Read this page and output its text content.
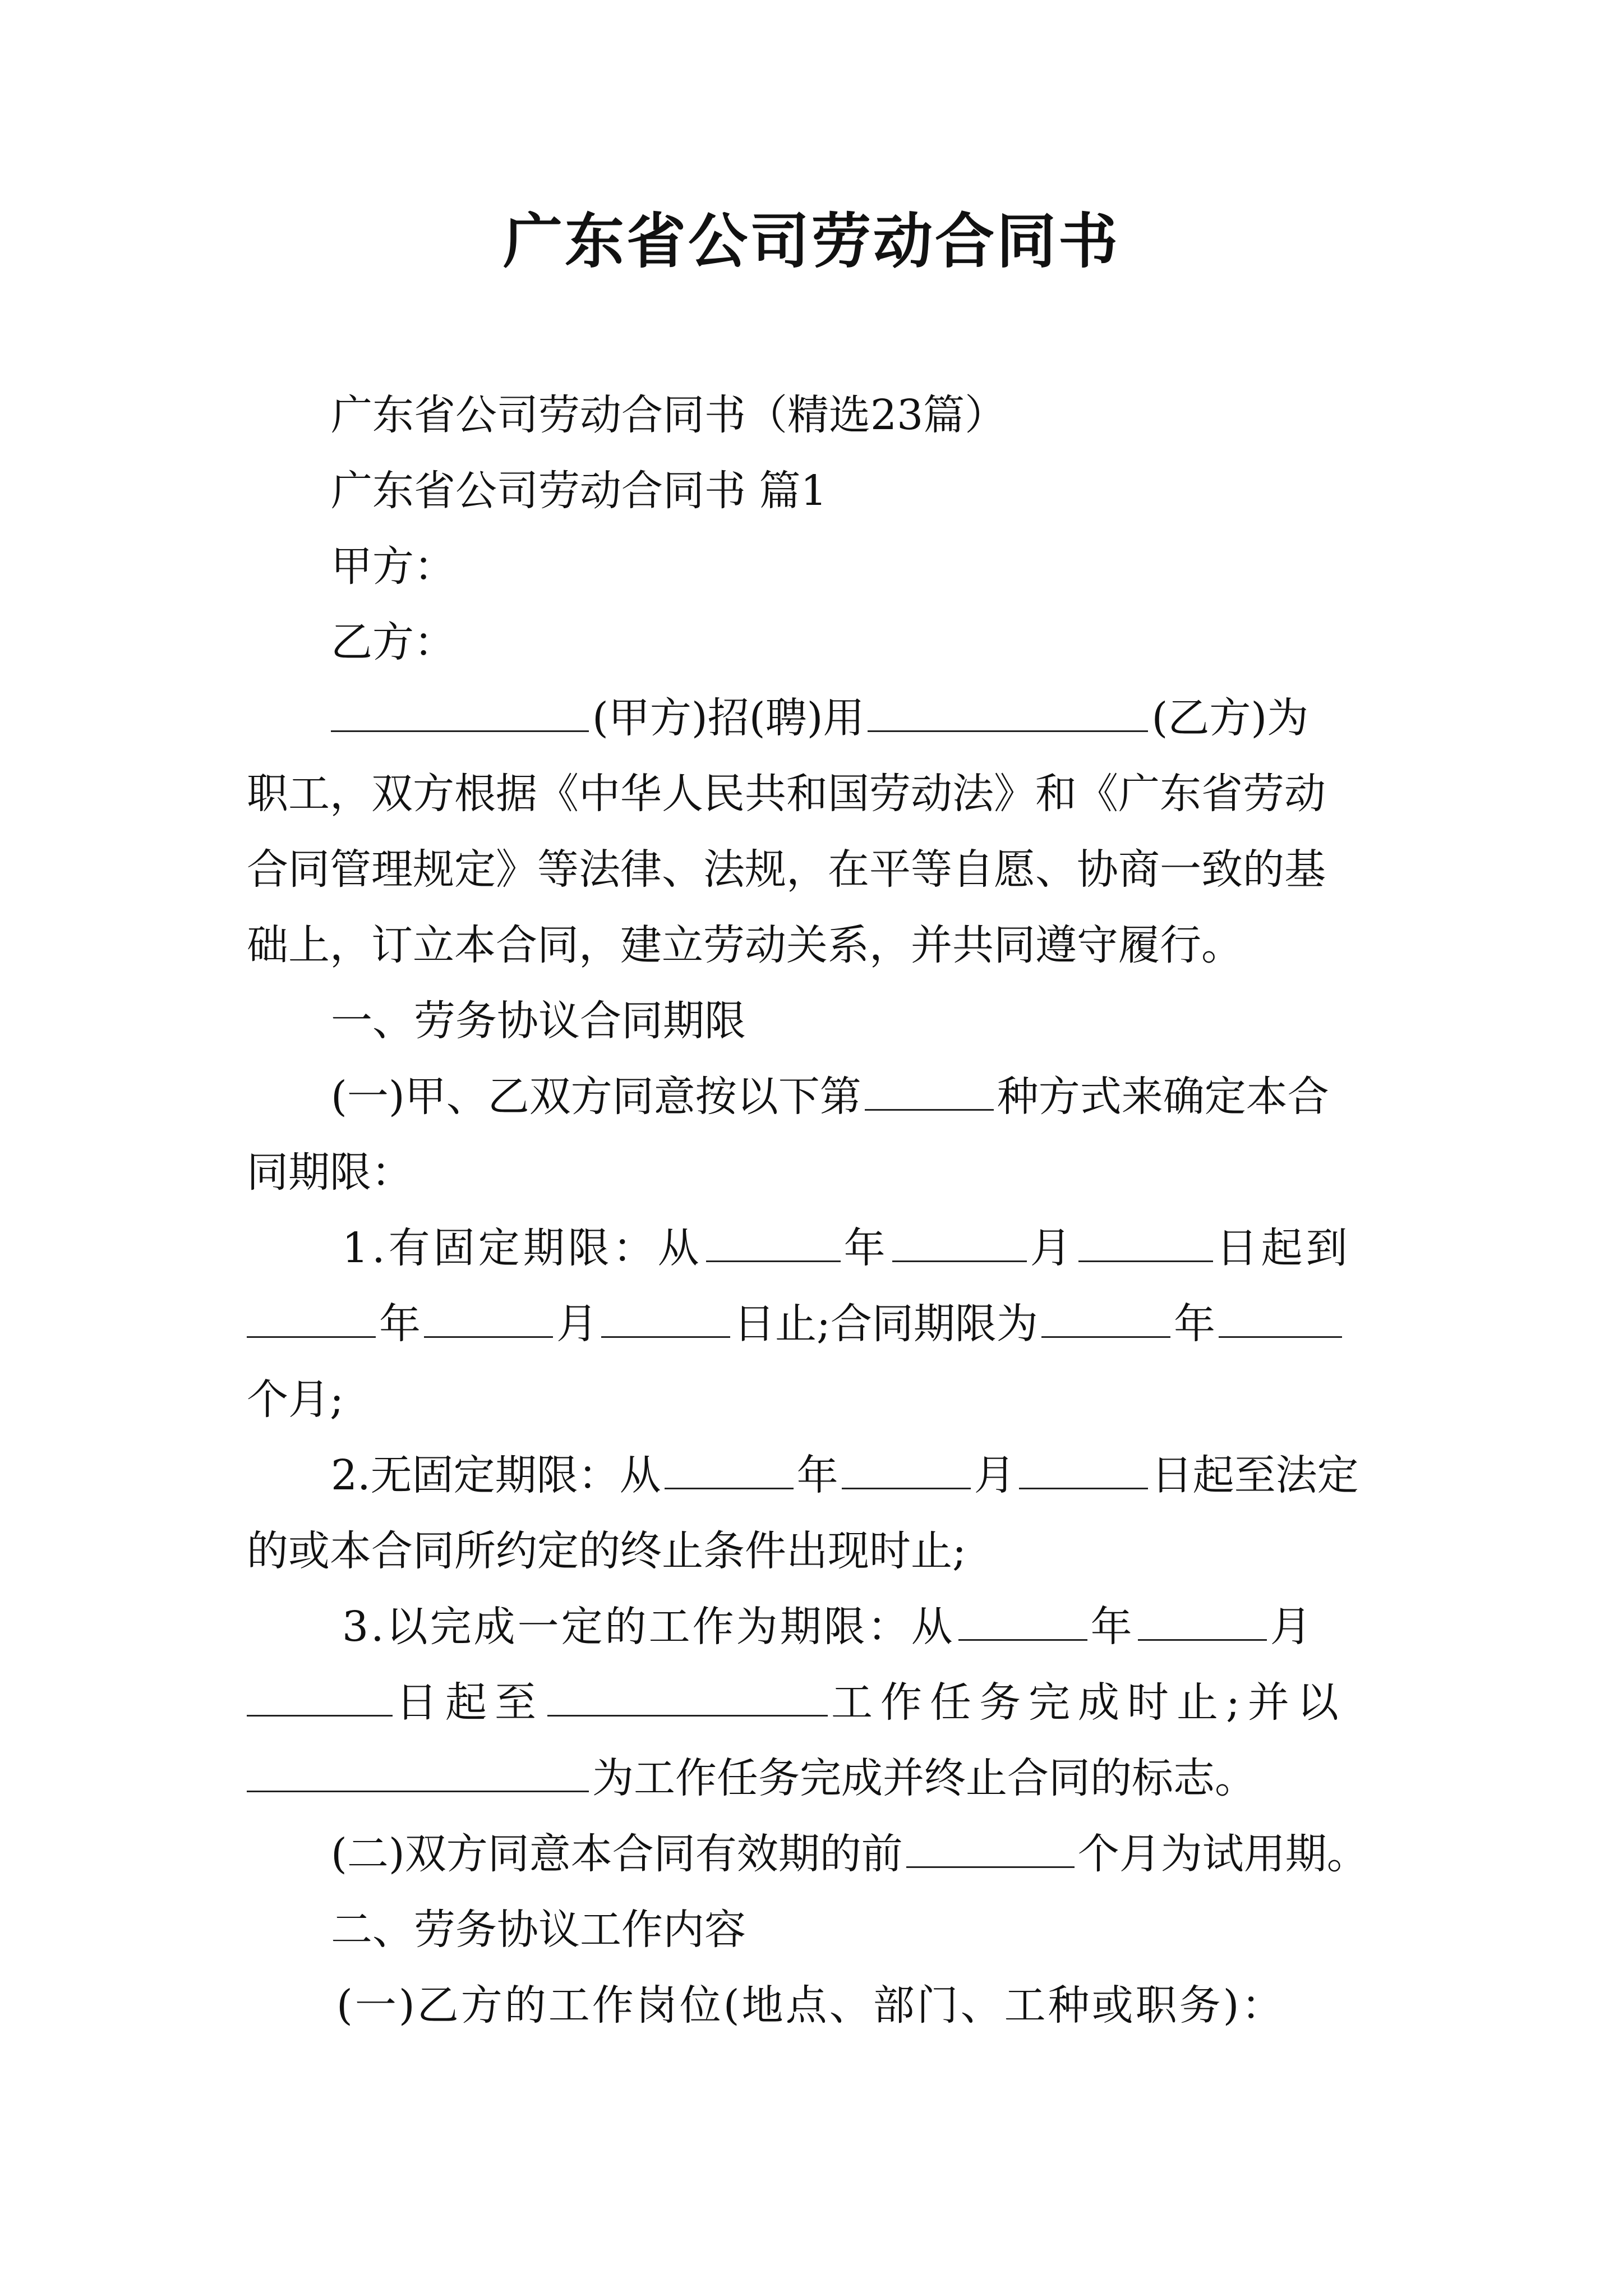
广东省公司劳动合同书
广东省公司劳动合同书（精选23篇）
广东省公司劳动合同书 篇1
甲方：
乙方：
(甲方)招(聘)用	(乙方)为
职工，双方根据《中华人民共和国劳动法》和《广东省劳动
合同管理规定》等法律、法规，在平等自愿、协商一致的基
础上，订立本合同，建立劳动关系，并共同遵守履行。
一、劳务协议合同期限
(一)甲、乙双方同意按以下第	种方式来确定本合
同期限：
1.有固定期限：从	年	月	日起到
年	月	日止;合同期限为	年
个月;
2.无固定期限：从	年	月	日起至法定
的或本合同所约定的终止条件出现时止;
3.以完成一定的工作为期限：从	年	月
日起至	工作任务完成时止;并以
为工作任务完成并终止合同的标志。
(二)双方同意本合同有效期的前	个月为试用期。
二、劳务协议工作内容
(一)乙方的工作岗位(地点、部门、工种或职务)：
